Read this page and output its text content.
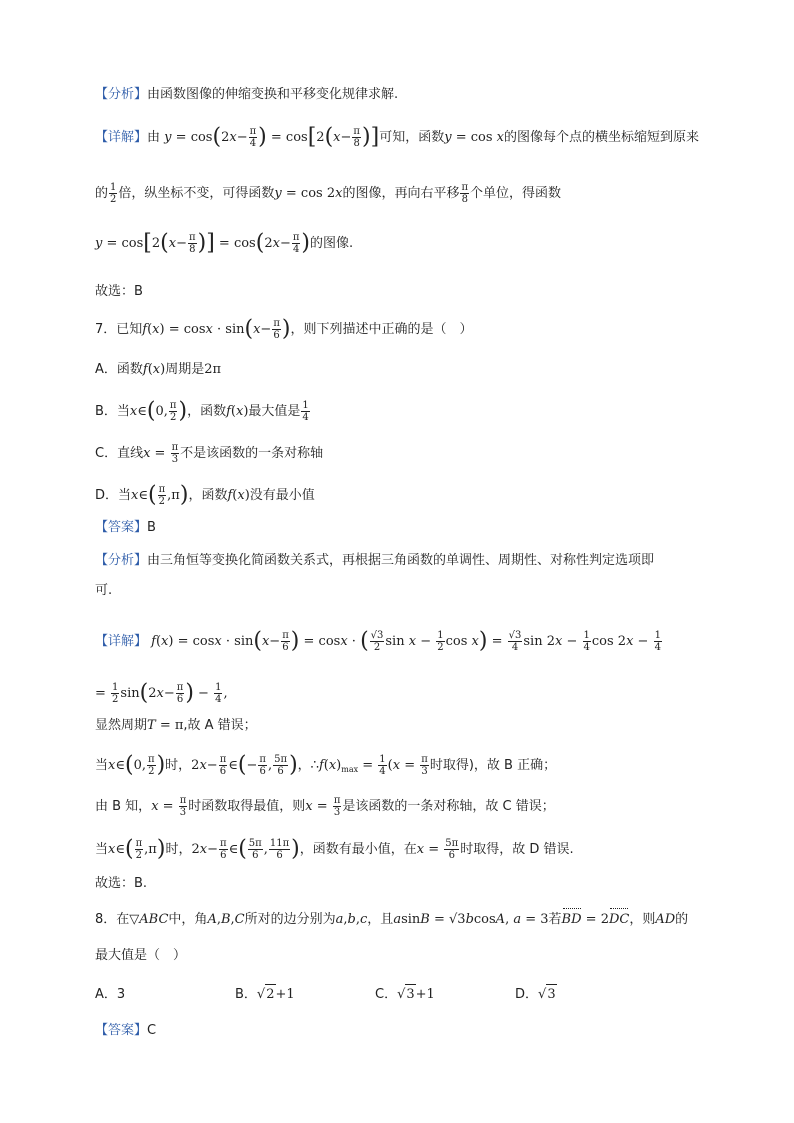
【分析】由函数图像的伸缩变换和平移变化规律求解.
【详解】由 $y = \cos(2x- \frac{\pi}{4}$ ) = $\cos[2(x- \frac{\pi}{8}$ )]可知，函数y = cos x的图像每个点的横坐标缩短到原来
的 $\frac{1}{2}$ 倍，纵坐标不变，可得函数y = cos 2x的图像，再向右平移 $\frac{\pi}{8}$ 个单位，得函数
$y = \cos[2(x- \frac{\pi}{8}$ )] = $\cos(2x- \frac{\pi}{4}$ )的图像.
故选：B
7．已知$f(x) = \cos x \cdot \sin(x- \frac{\pi}{6}$ )，则下列描述中正确的是（　）
A．函数f(x)周期是2π
B．当x∈(0, $\frac{\pi}{2}$ )，函数f(x)最大值是 $\frac{1}{4}$
C．直线$x = \frac{\pi}{3}$ 不是该函数的一条对称轴
D．当x∈( $\frac{\pi}{2} ,\pi$)，函数f(x)没有最小值
【答案】B
【分析】由三角恒等变换化简函数关系式，再根据三角函数的单调性、周期性、对称性判定选项即
可.
【详解】 $f(x) = \cos x \cdot \sin(x- \frac{\pi}{6}$ ) = cosx · ( $\frac{√3}{2}$ $\sin x - \frac{1}{2}$ $\cos x) = \frac{√3}{4}$ $\sin 2x - \frac{1}{4}$ $\cos 2x - \frac{1}{4}$
= $\frac{1}{2} \sin(2x- \frac{\pi}{6}$ ) − $\frac{1}{4}$ ,
显然周期T = π,故 A 错误；
当x∈(0, $\frac{\pi}{2}$ )时，$2x- \frac{\pi}{6}$ ∈(− $\frac{\pi}{6}$ , $\frac{5\pi}{6}$ )，$\therefore f(x)_{max} = \frac{1}{4} (x = \frac{\pi}{3}$ 时取得)，故 B 正确；
由 B 知，$x = \frac{\pi}{3}$ 时函数取得最值，则$x = \frac{\pi}{3}$ 是该函数的一条对称轴，故 C 错误；
当x∈( $\frac{\pi}{2} ,\pi$)时，$2x- \frac{\pi}{6}$ ∈( $\frac{5\pi}{6}$ , $\frac{11\pi}{6}$ )，函数有最小值，在$x = \frac{5\pi}{6}$ 时取得，故 D 错误.
故选：B.
8．在▽ABC中，角A,B,C所对的边分别为a,b,c，且asinB = √3bcosA, a = 3若BD = 2DC，则AD的
最大值是（　）
A．3	B．√2+1	C．√3+1	D．√3
【答案】C
